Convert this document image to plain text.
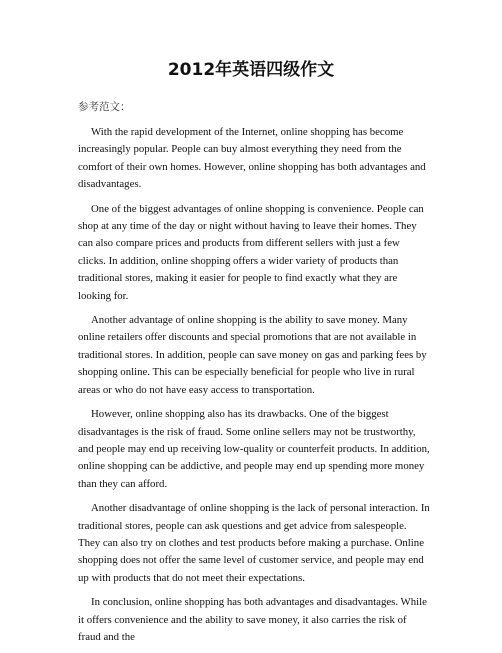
2012年英语四级作文
参考范文：

With the rapid development of the Internet, online shopping has become increasingly popular. People can buy almost everything they need from the comfort of their own homes. However, online shopping has both advantages and disadvantages.

One of the biggest advantages of online shopping is convenience. People can shop at any time of the day or night without having to leave their homes. They can also compare prices and products from different sellers with just a few clicks. In addition, online shopping offers a wider variety of products than traditional stores, making it easier for people to find exactly what they are looking for.

Another advantage of online shopping is the ability to save money. Many online retailers offer discounts and special promotions that are not available in traditional stores. In addition, people can save money on gas and parking fees by shopping online. This can be especially beneficial for people who live in rural areas or who do not have easy access to transportation.

However, online shopping also has its drawbacks. One of the biggest disadvantages is the risk of fraud. Some online sellers may not be trustworthy, and people may end up receiving low-quality or counterfeit products. In addition, online shopping can be addictive, and people may end up spending more money than they can afford.

Another disadvantage of online shopping is the lack of personal interaction. In traditional stores, people can ask questions and get advice from salespeople. They can also try on clothes and test products before making a purchase. Online shopping does not offer the same level of customer service, and people may end up with products that do not meet their expectations.

In conclusion, online shopping has both advantages and disadvantages. While it offers convenience and the ability to save money, it also carries the risk of fraud and the
